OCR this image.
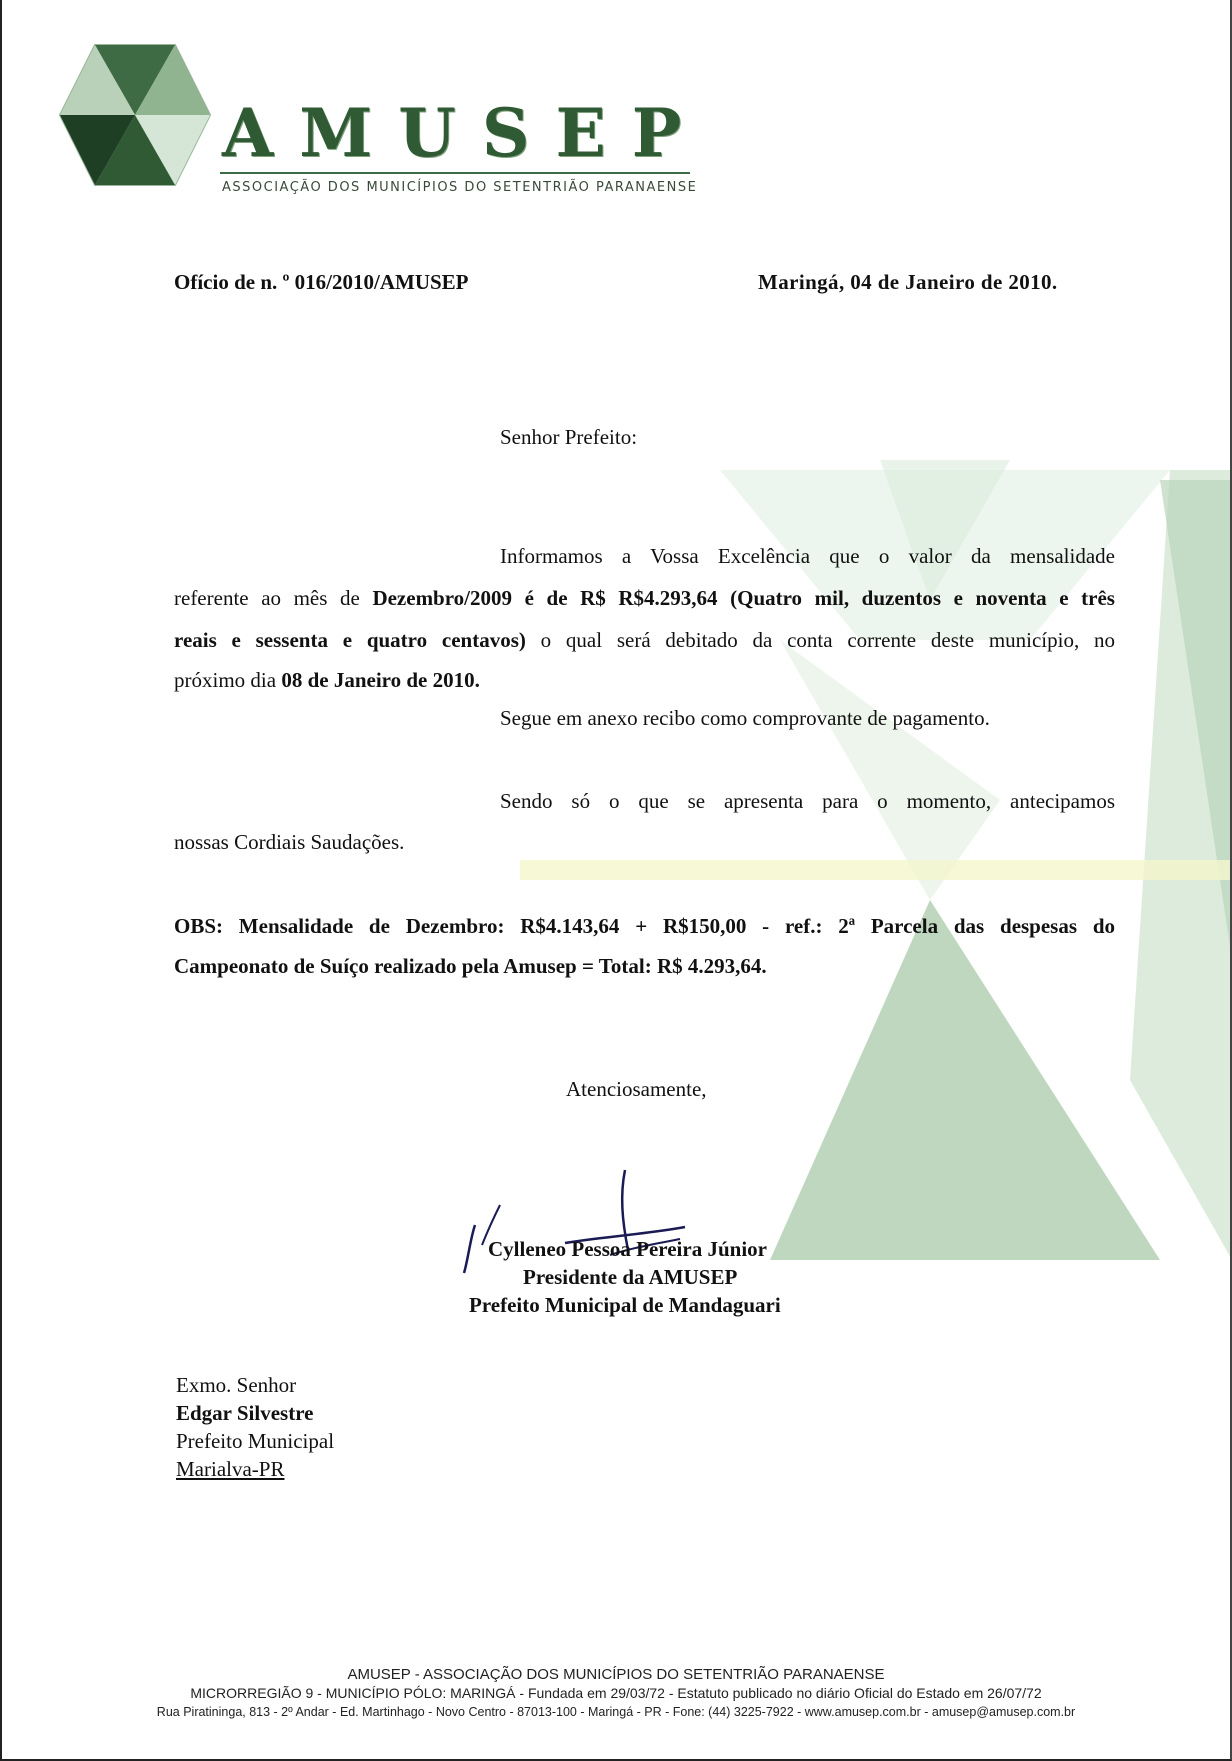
AMUSEP
ASSOCIAÇÃO DOS MUNICÍPIOS DO SETENTRIÃO PARANAENSE
Ofício de n. º 016/2010/AMUSEP	Maringá, 04 de Janeiro de 2010.
Senhor Prefeito:
Informamos a Vossa Excelência que o valor da mensalidade
referente ao mês de Dezembro/2009 é de R$ R$4.293,64 (Quatro mil, duzentos e noventa e três
reais e sessenta e quatro centavos) o qual será debitado da conta corrente deste município, no
próximo dia 08 de Janeiro de 2010.
Segue em anexo recibo como comprovante de pagamento.
Sendo só o que se apresenta para o momento, antecipamos
nossas Cordiais Saudações.
OBS: Mensalidade de Dezembro: R$4.143,64 + R$150,00 - ref.: 2ª Parcela das despesas do
Campeonato de Suíço realizado pela Amusep = Total: R$ 4.293,64.
Atenciosamente,
Cylleneo Pessoa Pereira Júnior
Presidente da AMUSEP
Prefeito Municipal de Mandaguari
Exmo. Senhor
Edgar Silvestre
Prefeito Municipal
Marialva-PR
AMUSEP - ASSOCIAÇÃO DOS MUNICÍPIOS DO SETENTRIÃO PARANAENSE
MICRORREGIÃO 9 - MUNICÍPIO PÓLO: MARINGÁ - Fundada em 29/03/72 - Estatuto publicado no diário Oficial do Estado em 26/07/72
Rua Piratininga, 813 - 2º Andar - Ed. Martinhago - Novo Centro - 87013-100 - Maringá - PR - Fone: (44) 3225-7922 - www.amusep.com.br - amusep@amusep.com.br
